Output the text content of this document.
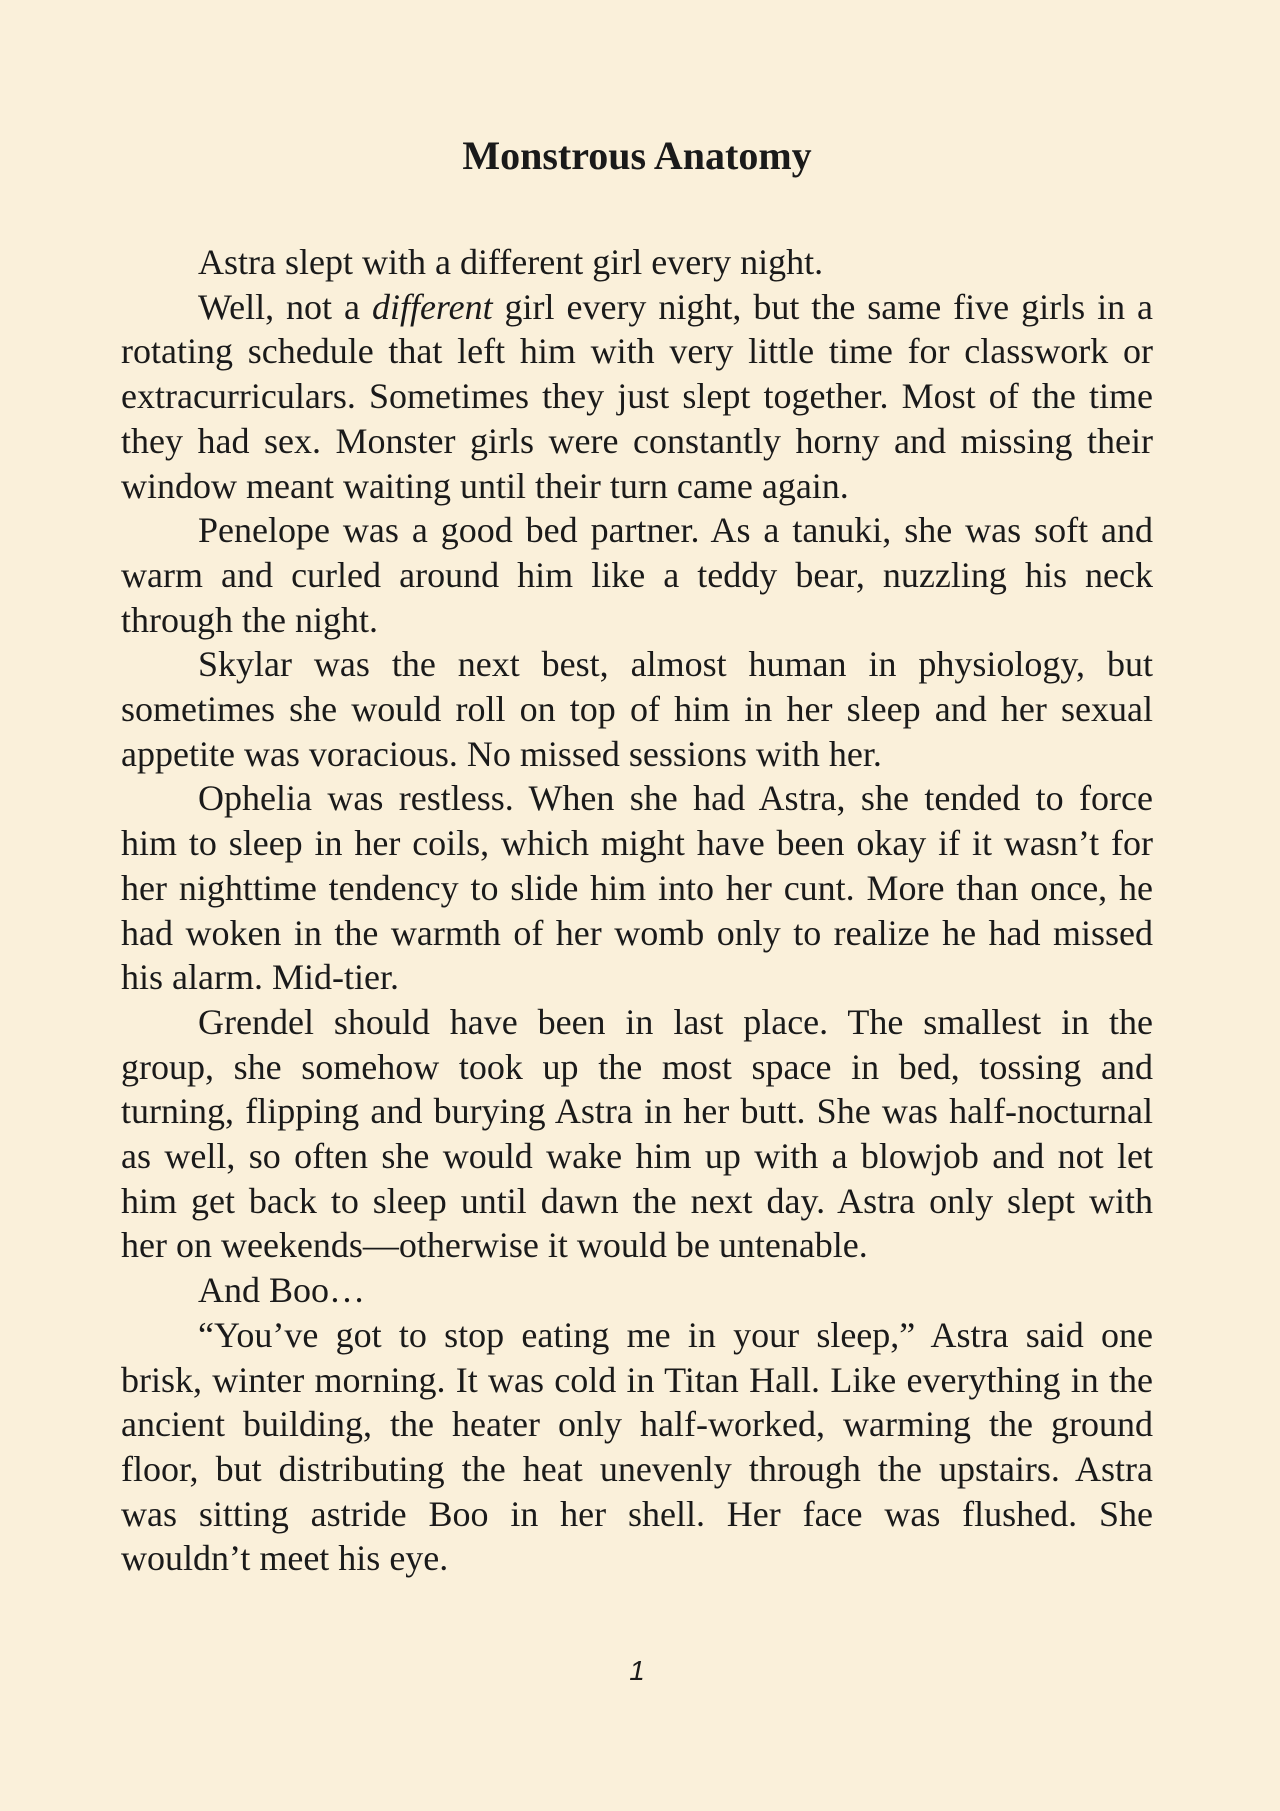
Monstrous Anatomy
Astra slept with a different girl every night.
Well, not a different girl every night, but the same five girls in a
rotating schedule that left him with very little time for classwork or
extracurriculars. Sometimes they just slept together. Most of the time
they had sex. Monster girls were constantly horny and missing their
window meant waiting until their turn came again.
Penelope was a good bed partner. As a tanuki, she was soft and
warm and curled around him like a teddy bear, nuzzling his neck
through the night.
Skylar was the next best, almost human in physiology, but
sometimes she would roll on top of him in her sleep and her sexual
appetite was voracious. No missed sessions with her.
Ophelia was restless. When she had Astra, she tended to force
him to sleep in her coils, which might have been okay if it wasn’t for
her nighttime tendency to slide him into her cunt. More than once, he
had woken in the warmth of her womb only to realize he had missed
his alarm. Mid-tier.
Grendel should have been in last place. The smallest in the
group, she somehow took up the most space in bed, tossing and
turning, flipping and burying Astra in her butt. She was half-nocturnal
as well, so often she would wake him up with a blowjob and not let
him get back to sleep until dawn the next day. Astra only slept with
her on weekends—otherwise it would be untenable.
And Boo…
“You’ve got to stop eating me in your sleep,” Astra said one
brisk, winter morning. It was cold in Titan Hall. Like everything in the
ancient building, the heater only half-worked, warming the ground
floor, but distributing the heat unevenly through the upstairs. Astra
was sitting astride Boo in her shell. Her face was flushed. She
wouldn’t meet his eye.
1
